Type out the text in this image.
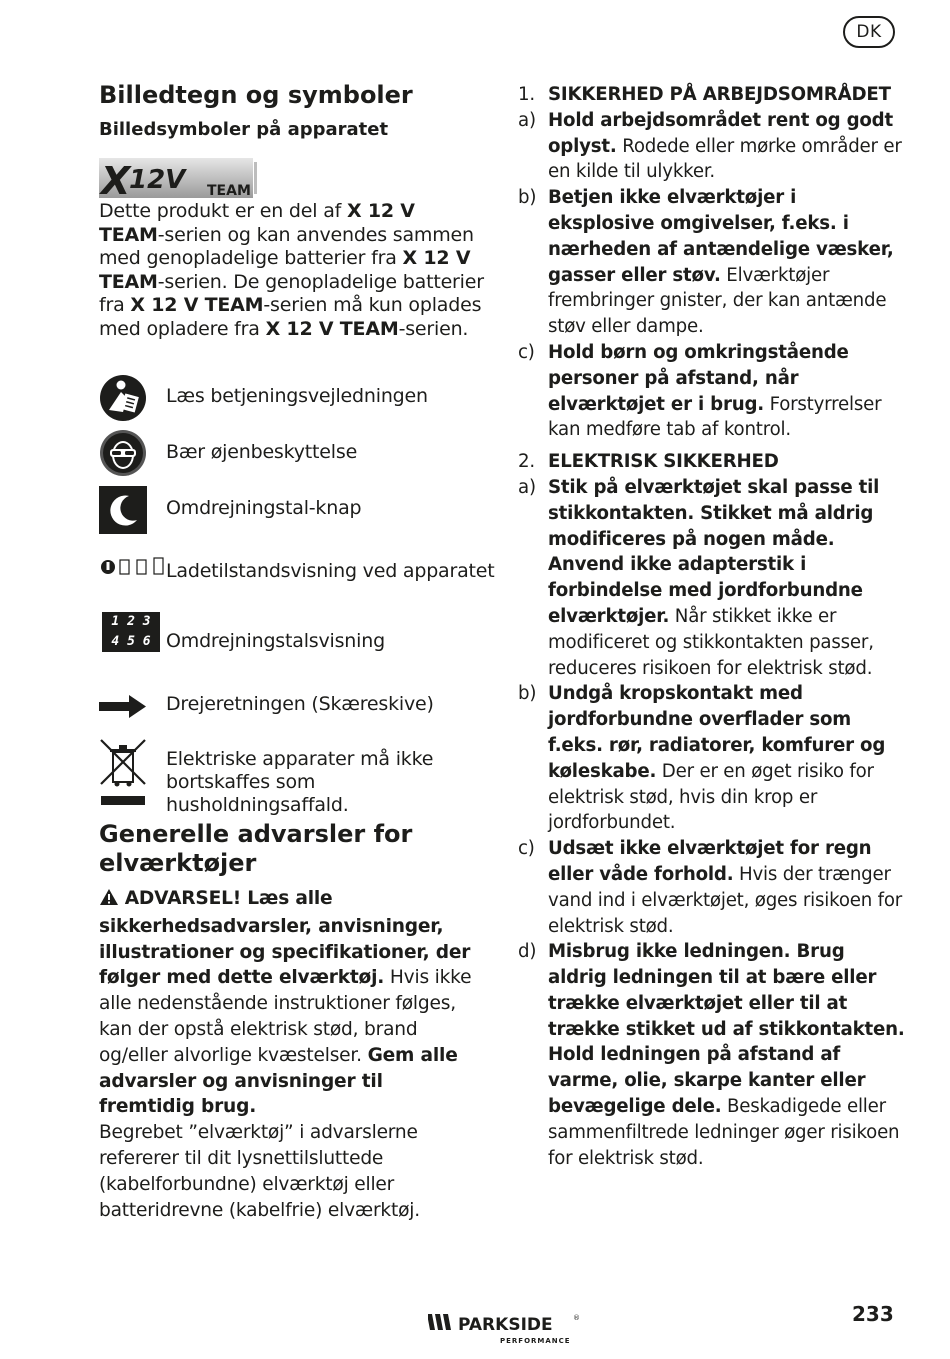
DK
Billedtegn og symboler
Billedsymboler på apparatet
X
12V TEAM
Dette produkt er en del af X 12 V TEAM-serien og kan anvendes sammen med genopladelige batterier fra X 12 V TEAM-serien. De genopladelige batterier fra X 12 V TEAM-serien må kun oplades med opladere fra X 12 V TEAM-serien.
Læs betjeningsvejledningen
Bær øjenbeskyttelse
Omdrejningstal-knap
Ladetilstandsvisning ved apparatet
1 2 3
4 5 6 Omdrejningstalsvisning
Drejeretningen (Skæreskive)
Elektriske apparater må ikke bortskaffes som husholdningsaffald.
Generelle advarsler for elværktøjer
ADVARSEL! Læs alle sikkerhedsadvarsler, anvisninger, illustrationer og specifikationer, der følger med dette elværktøj. Hvis ikke alle nedenstående instruktioner følges, kan der opstå elektrisk stød, brand og/eller alvorlige kvæstelser. Gem alle advarsler og anvisninger til fremtidig brug.
Begrebet ”elværktøj” i advarslerne refererer til dit lysnettilsluttede (kabelforbundne) elværktøj eller batteridrevne (kabelfrie) elværktøj.
1. SIKKERHED PÅ ARBEJDSOMRÅDET
a) Hold arbejdsområdet rent og godt oplyst. Rodede eller mørke områder er en kilde til ulykker.
b) Betjen ikke elværktøjer i eksplosive omgivelser, f.eks. i nærheden af antændelige væsker, gasser eller støv. Elværktøjer frembringer gnister, der kan antænde støv eller dampe.
c) Hold børn og omkringstående personer på afstand, når elværktøjet er i brug. Forstyrrelser kan medføre tab af kontrol.
2. ELEKTRISK SIKKERHED
a) Stik på elværktøjet skal passe til stikkontakten. Stikket må aldrig modificeres på nogen måde. Anvend ikke adapterstik i forbindelse med jordforbundne elværktøjer. Når stikket ikke er modificeret og stikkontakten passer, reduceres risikoen for elektrisk stød.
b) Undgå kropskontakt med jordforbundne overflader som f.eks. rør, radiatorer, komfurer og køleskabe. Der er en øget risiko for elektrisk stød, hvis din krop er jordforbundet.
c) Udsæt ikke elværktøjet for regn eller våde forhold. Hvis der trænger vand ind i elværktøjet, øges risikoen for elektrisk stød.
d) Misbrug ikke ledningen. Brug aldrig ledningen til at bære eller trække elværktøjet eller til at trække stikket ud af stikkontakten. Hold ledningen på afstand af varme, olie, skarpe kanter eller bevægelige dele. Beskadigede eller sammenfiltrede ledninger øger risikoen for elektrisk stød.
PARKSIDE	®
PERFORMANCE
233
